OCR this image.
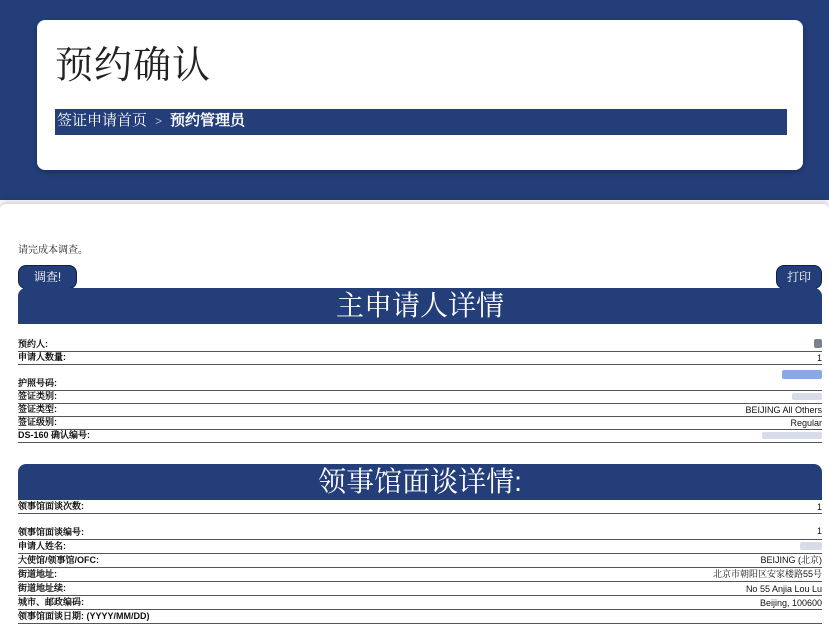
预约确认
签证申请首页 > 预约管理员
请完成本调查。
调查!	打印
主申请人详情
预约人:
申请人数量:	1
护照号码:
签证类别:
签证类型:	BEIJING All Others
签证级别:	Regular
DS-160 确认编号:
领事馆面谈详情:
领事馆面谈次数:	1
领事馆面谈编号:	1
申请人姓名:
大使馆/领事馆/OFC:	BEIJING (北京)
街道地址:	北京市朝阳区安家楼路55号
街道地址续:	No 55 Anjia Lou Lu
城市、邮政编码:	Beijing, 100600
领事馆面谈日期: (YYYY/MM/DD)
